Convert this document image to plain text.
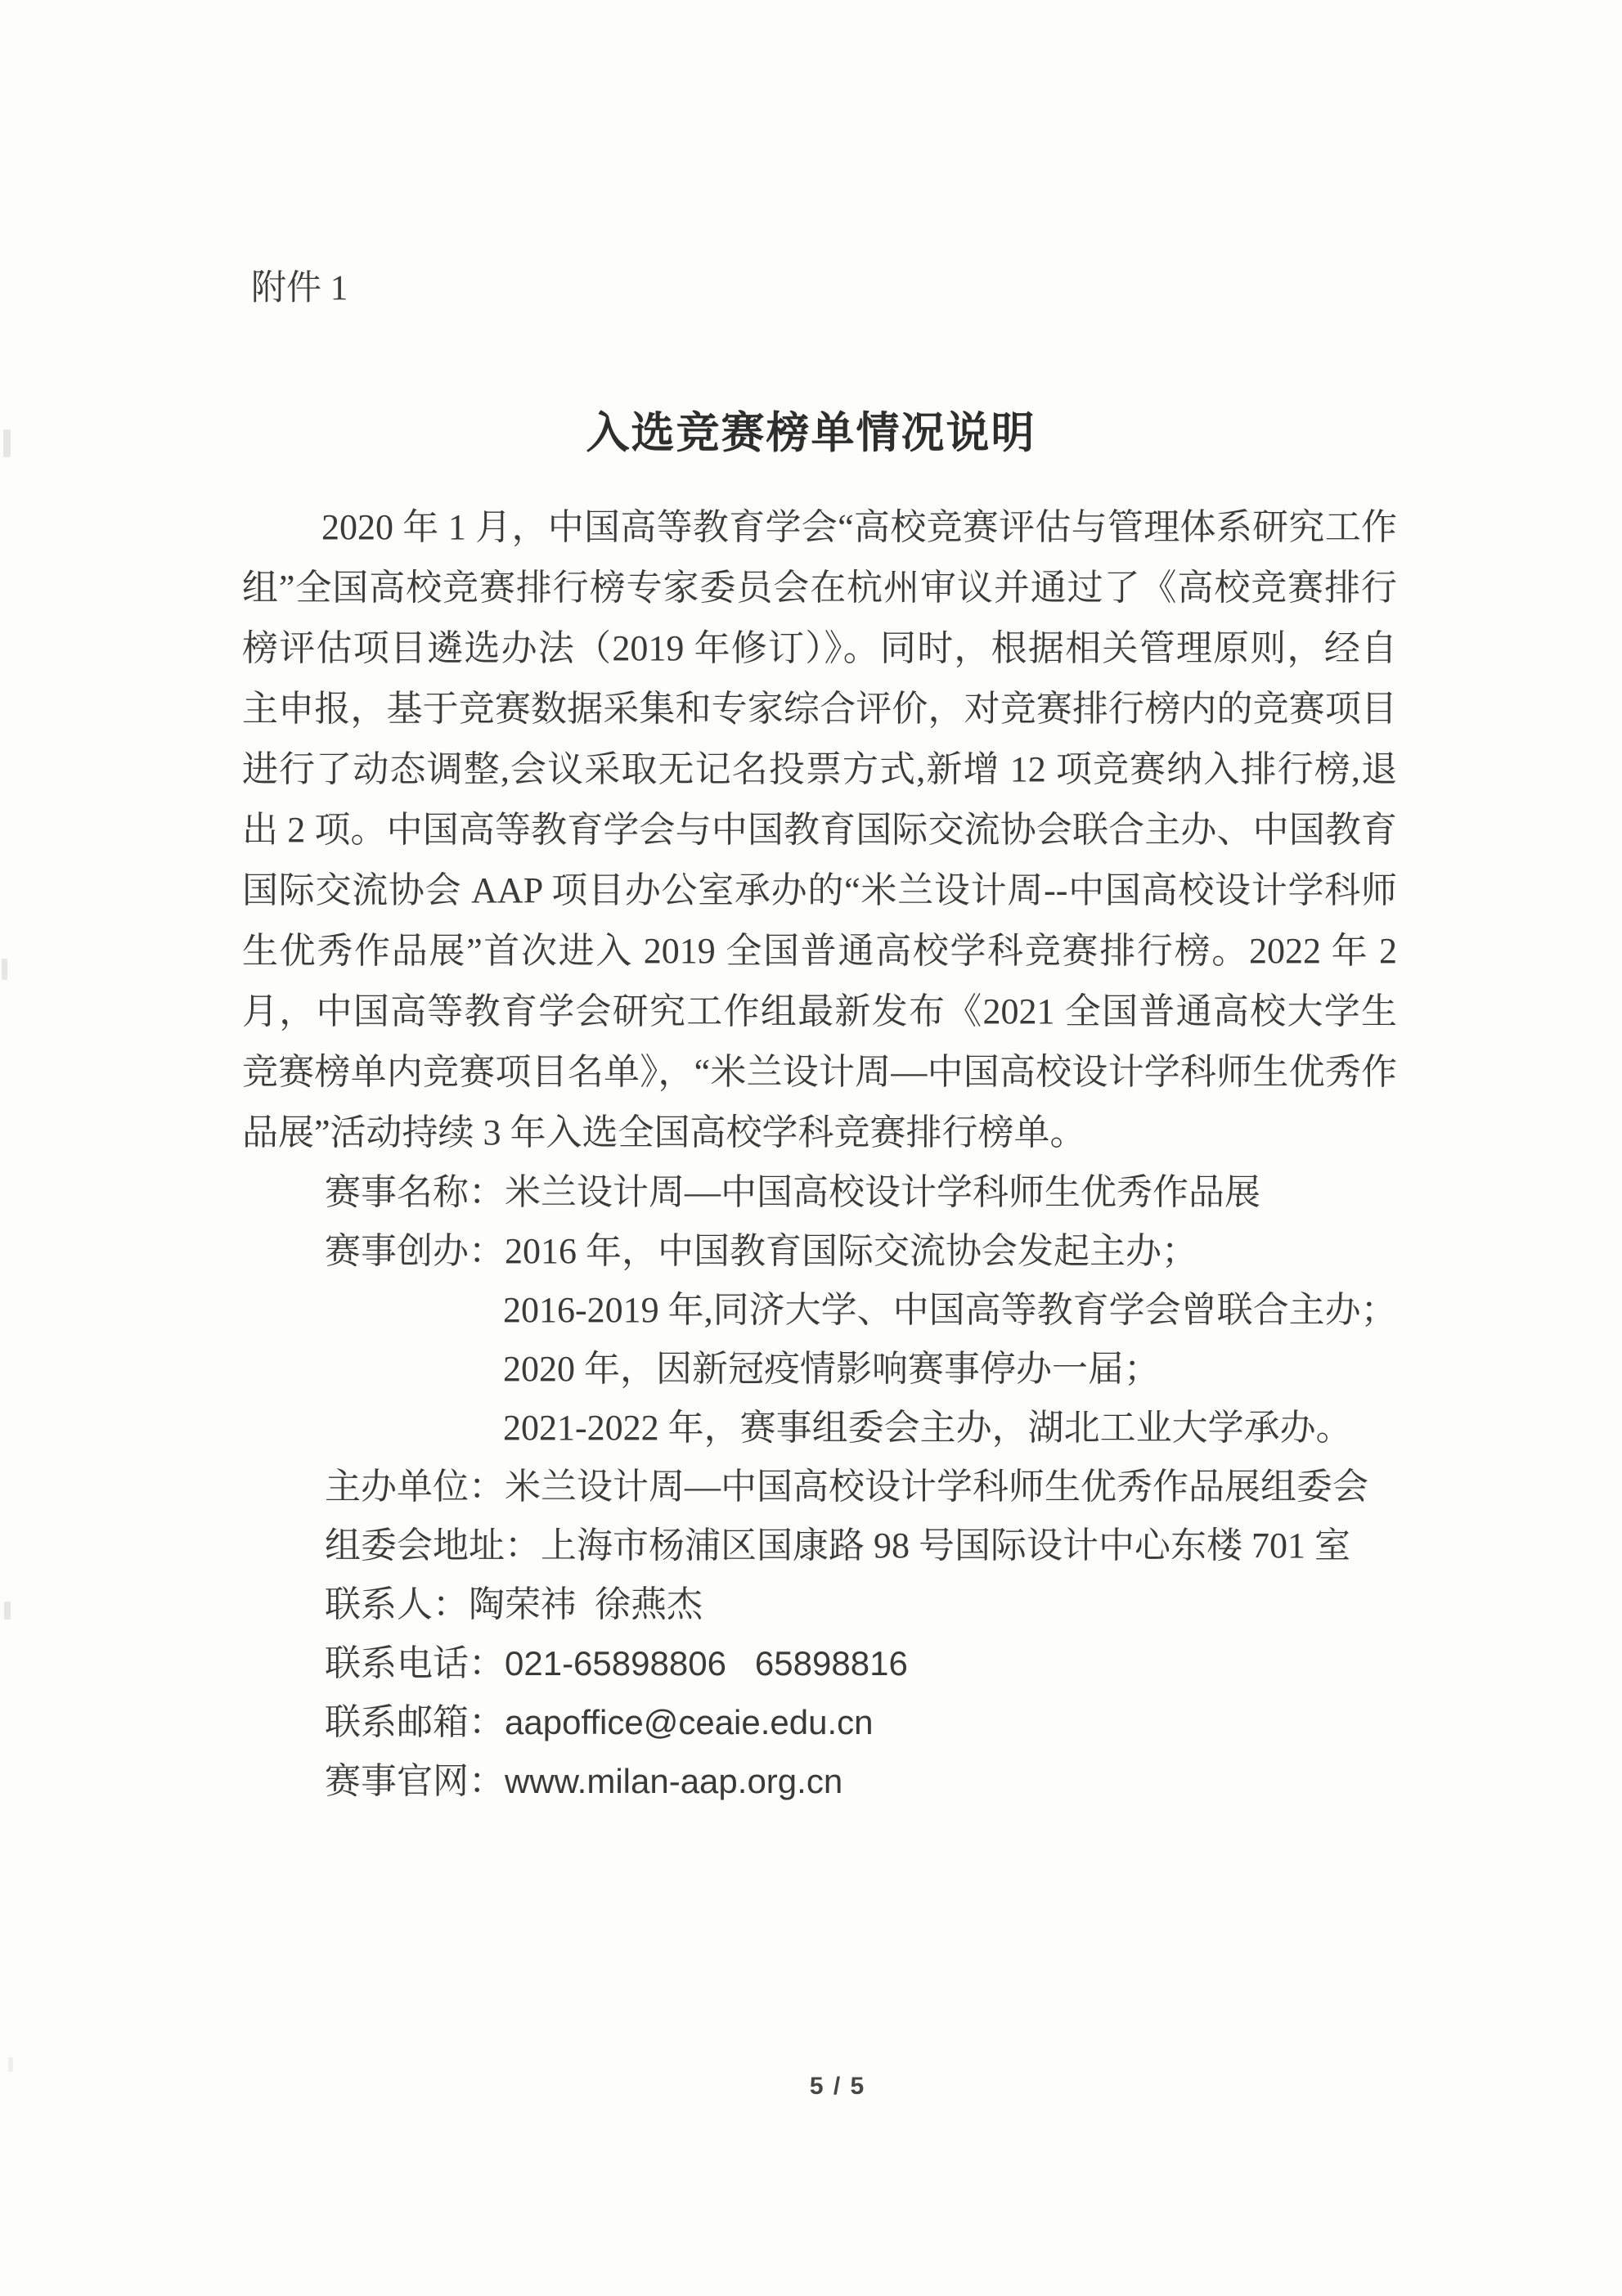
附件 1
入选竞赛榜单情况说明

2020 年 1 月，中国高等教育学会“高校竞赛评估与管理体系研究工作组”全国高校竞赛排行榜专家委员会在杭州审议并通过了《高校竞赛排行榜评估项目遴选办法（2019 年修订）》。同时，根据相关管理原则，经自主申报，基于竞赛数据采集和专家综合评价，对竞赛排行榜内的竞赛项目进行了动态调整,会议采取无记名投票方式,新增 12 项竞赛纳入排行榜,退出 2 项。中国高等教育学会与中国教育国际交流协会联合主办、中国教育国际交流协会 AAP 项目办公室承办的“米兰设计周--中国高校设计学科师生优秀作品展”首次进入 2019 全国普通高校学科竞赛排行榜。2022 年 2 月，中国高等教育学会研究工作组最新发布《2021 全国普通高校大学生竞赛榜单内竞赛项目名单》，“米兰设计周—中国高校设计学科师生优秀作品展”活动持续 3 年入选全国高校学科竞赛排行榜单。

赛事名称：米兰设计周—中国高校设计学科师生优秀作品展
赛事创办：2016 年，中国教育国际交流协会发起主办；
2016-2019 年,同济大学、中国高等教育学会曾联合主办；
2020 年，因新冠疫情影响赛事停办一届；
2021-2022 年，赛事组委会主办，湖北工业大学承办。
主办单位：米兰设计周—中国高校设计学科师生优秀作品展组委会
组委会地址：上海市杨浦区国康路 98 号国际设计中心东楼 701 室
联系人：陶荣祎  徐燕杰
联系电话：021-65898806   65898816
联系邮箱：aapoffice@ceaie.edu.cn
赛事官网：www.milan-aap.org.cn
5 / 5
